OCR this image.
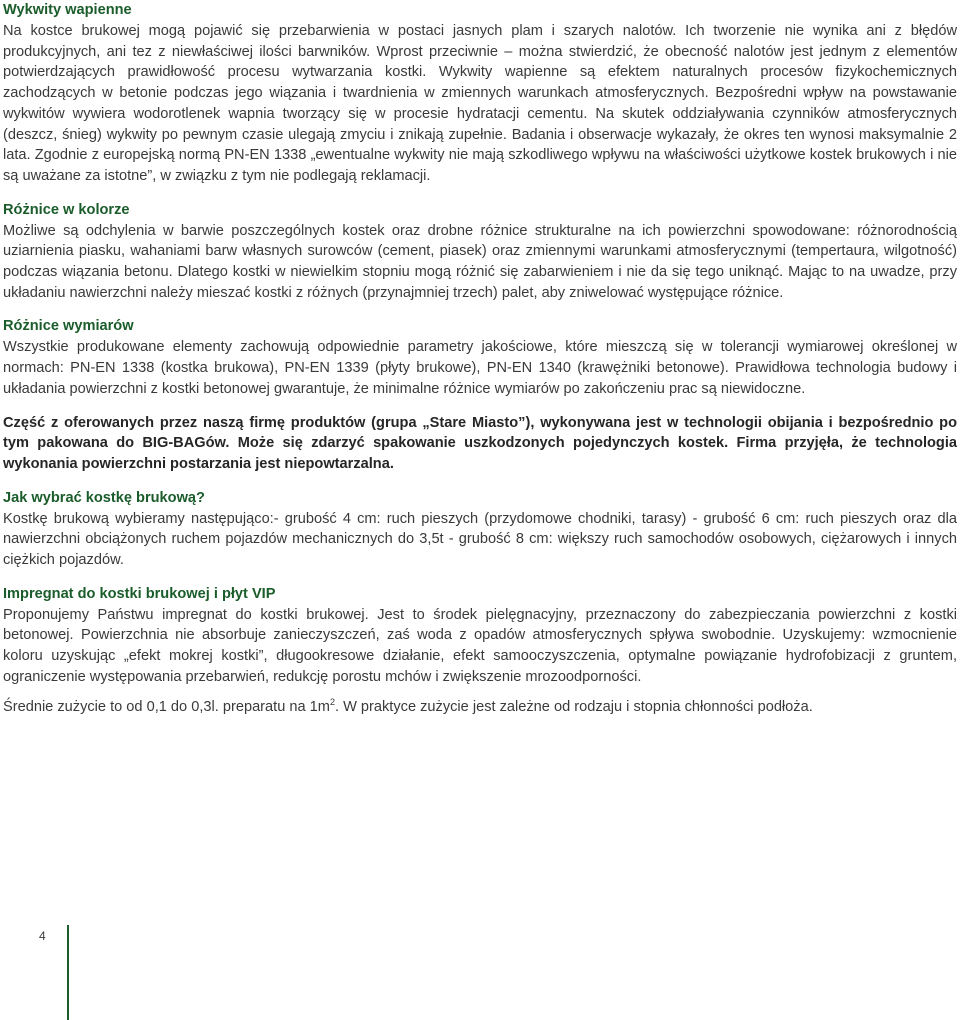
Wykwity wapienne

Na kostce brukowej mogą pojawić się przebarwienia w postaci jasnych plam i szarych nalotów. Ich tworzenie nie wynika ani z błędów produkcyjnych, ani tez z niewłaściwej ilości barwników. Wprost przeciwnie – można stwierdzić, że obecność nalotów jest jednym z elementów potwierdzających prawidłowość procesu wytwarzania kostki. Wykwity wapienne są efektem naturalnych procesów fizykochemicznych zachodzących w betonie podczas jego wiązania i twardnienia w zmiennych warunkach atmosferycznych. Bezpośredni wpływ na powstawanie wykwitów wywiera wodorotlenek wapnia tworzący się w procesie hydratacji cementu. Na skutek oddziaływania czynników atmosferycznych (deszcz, śnieg) wykwity po pewnym czasie ulegają zmyciu i znikają zupełnie. Badania i obserwacje wykazały, że okres ten wynosi maksymalnie 2 lata. Zgodnie z europejską normą PN-EN 1338 „ewentualne wykwity nie mają szkodliwego wpływu na właściwości użytkowe kostek brukowych i nie są uważane za istotne”, w związku z tym nie podlegają reklamacji.

Różnice w kolorze

Możliwe są odchylenia w barwie poszczególnych kostek oraz drobne różnice strukturalne na ich powierzchni spowodowane: różnorodnością uziarnienia piasku, wahaniami barw własnych surowców (cement, piasek) oraz zmiennymi warunkami atmosferycznymi (tempertaura, wilgotność) podczas wiązania betonu. Dlatego kostki w niewielkim stopniu mogą różnić się zabarwieniem i nie da się tego uniknąć. Mając to na uwadze, przy układaniu nawierzchni należy mieszać kostki z różnych (przynajmniej trzech) palet, aby zniwelować występujące różnice.

Różnice wymiarów

Wszystkie produkowane elementy zachowują odpowiednie parametry jakościowe, które mieszczą się w tolerancji wymiarowej określonej w normach: PN-EN 1338 (kostka brukowa), PN-EN 1339 (płyty brukowe), PN-EN 1340 (krawężniki betonowe). Prawidłowa technologia budowy i układania powierzchni z kostki betonowej gwarantuje, że minimalne różnice wymiarów po zakończeniu prac są niewidoczne.

Część z oferowanych przez naszą firmę produktów (grupa „Stare Miasto”), wykonywana jest w technologii obijania i bezpośrednio po tym pakowana do BIG-BAGów. Może się zdarzyć spakowanie uszkodzonych pojedynczych kostek. Firma przyjęła, że technologia wykonania powierzchni postarzania jest niepowtarzalna.

Jak wybrać kostkę brukową?

Kostkę brukową wybieramy następująco:- grubość 4 cm: ruch pieszych (przydomowe chodniki, tarasy) - grubość 6 cm: ruch pieszych oraz dla nawierzchni obciążonych ruchem pojazdów mechanicznych do 3,5t - grubość 8 cm: większy ruch samochodów osobowych, ciężarowych i innych ciężkich pojazdów.

Impregnat do kostki brukowej i płyt VIP

Proponujemy Państwu impregnat do kostki brukowej. Jest to środek pielęgnacyjny, przeznaczony do zabezpieczania powierzchni z kostki betonowej. Powierzchnia nie absorbuje zanieczyszczeń, zaś woda z opadów atmosferycznych spływa swobodnie. Uzyskujemy: wzmocnienie koloru uzyskując „efekt mokrej kostki”, długookresowe działanie, efekt samooczyszczenia, optymalne powiązanie hydrofobizacji z gruntem, ograniczenie występowania przebarwień, redukcję porostu mchów i zwiększenie mrozoodporności.

Średnie zużycie to od 0,1 do 0,3l. preparatu na $1m^2$. W praktyce zużycie jest zależne od rodzaju i stopnia chłonności podłoża.

4
